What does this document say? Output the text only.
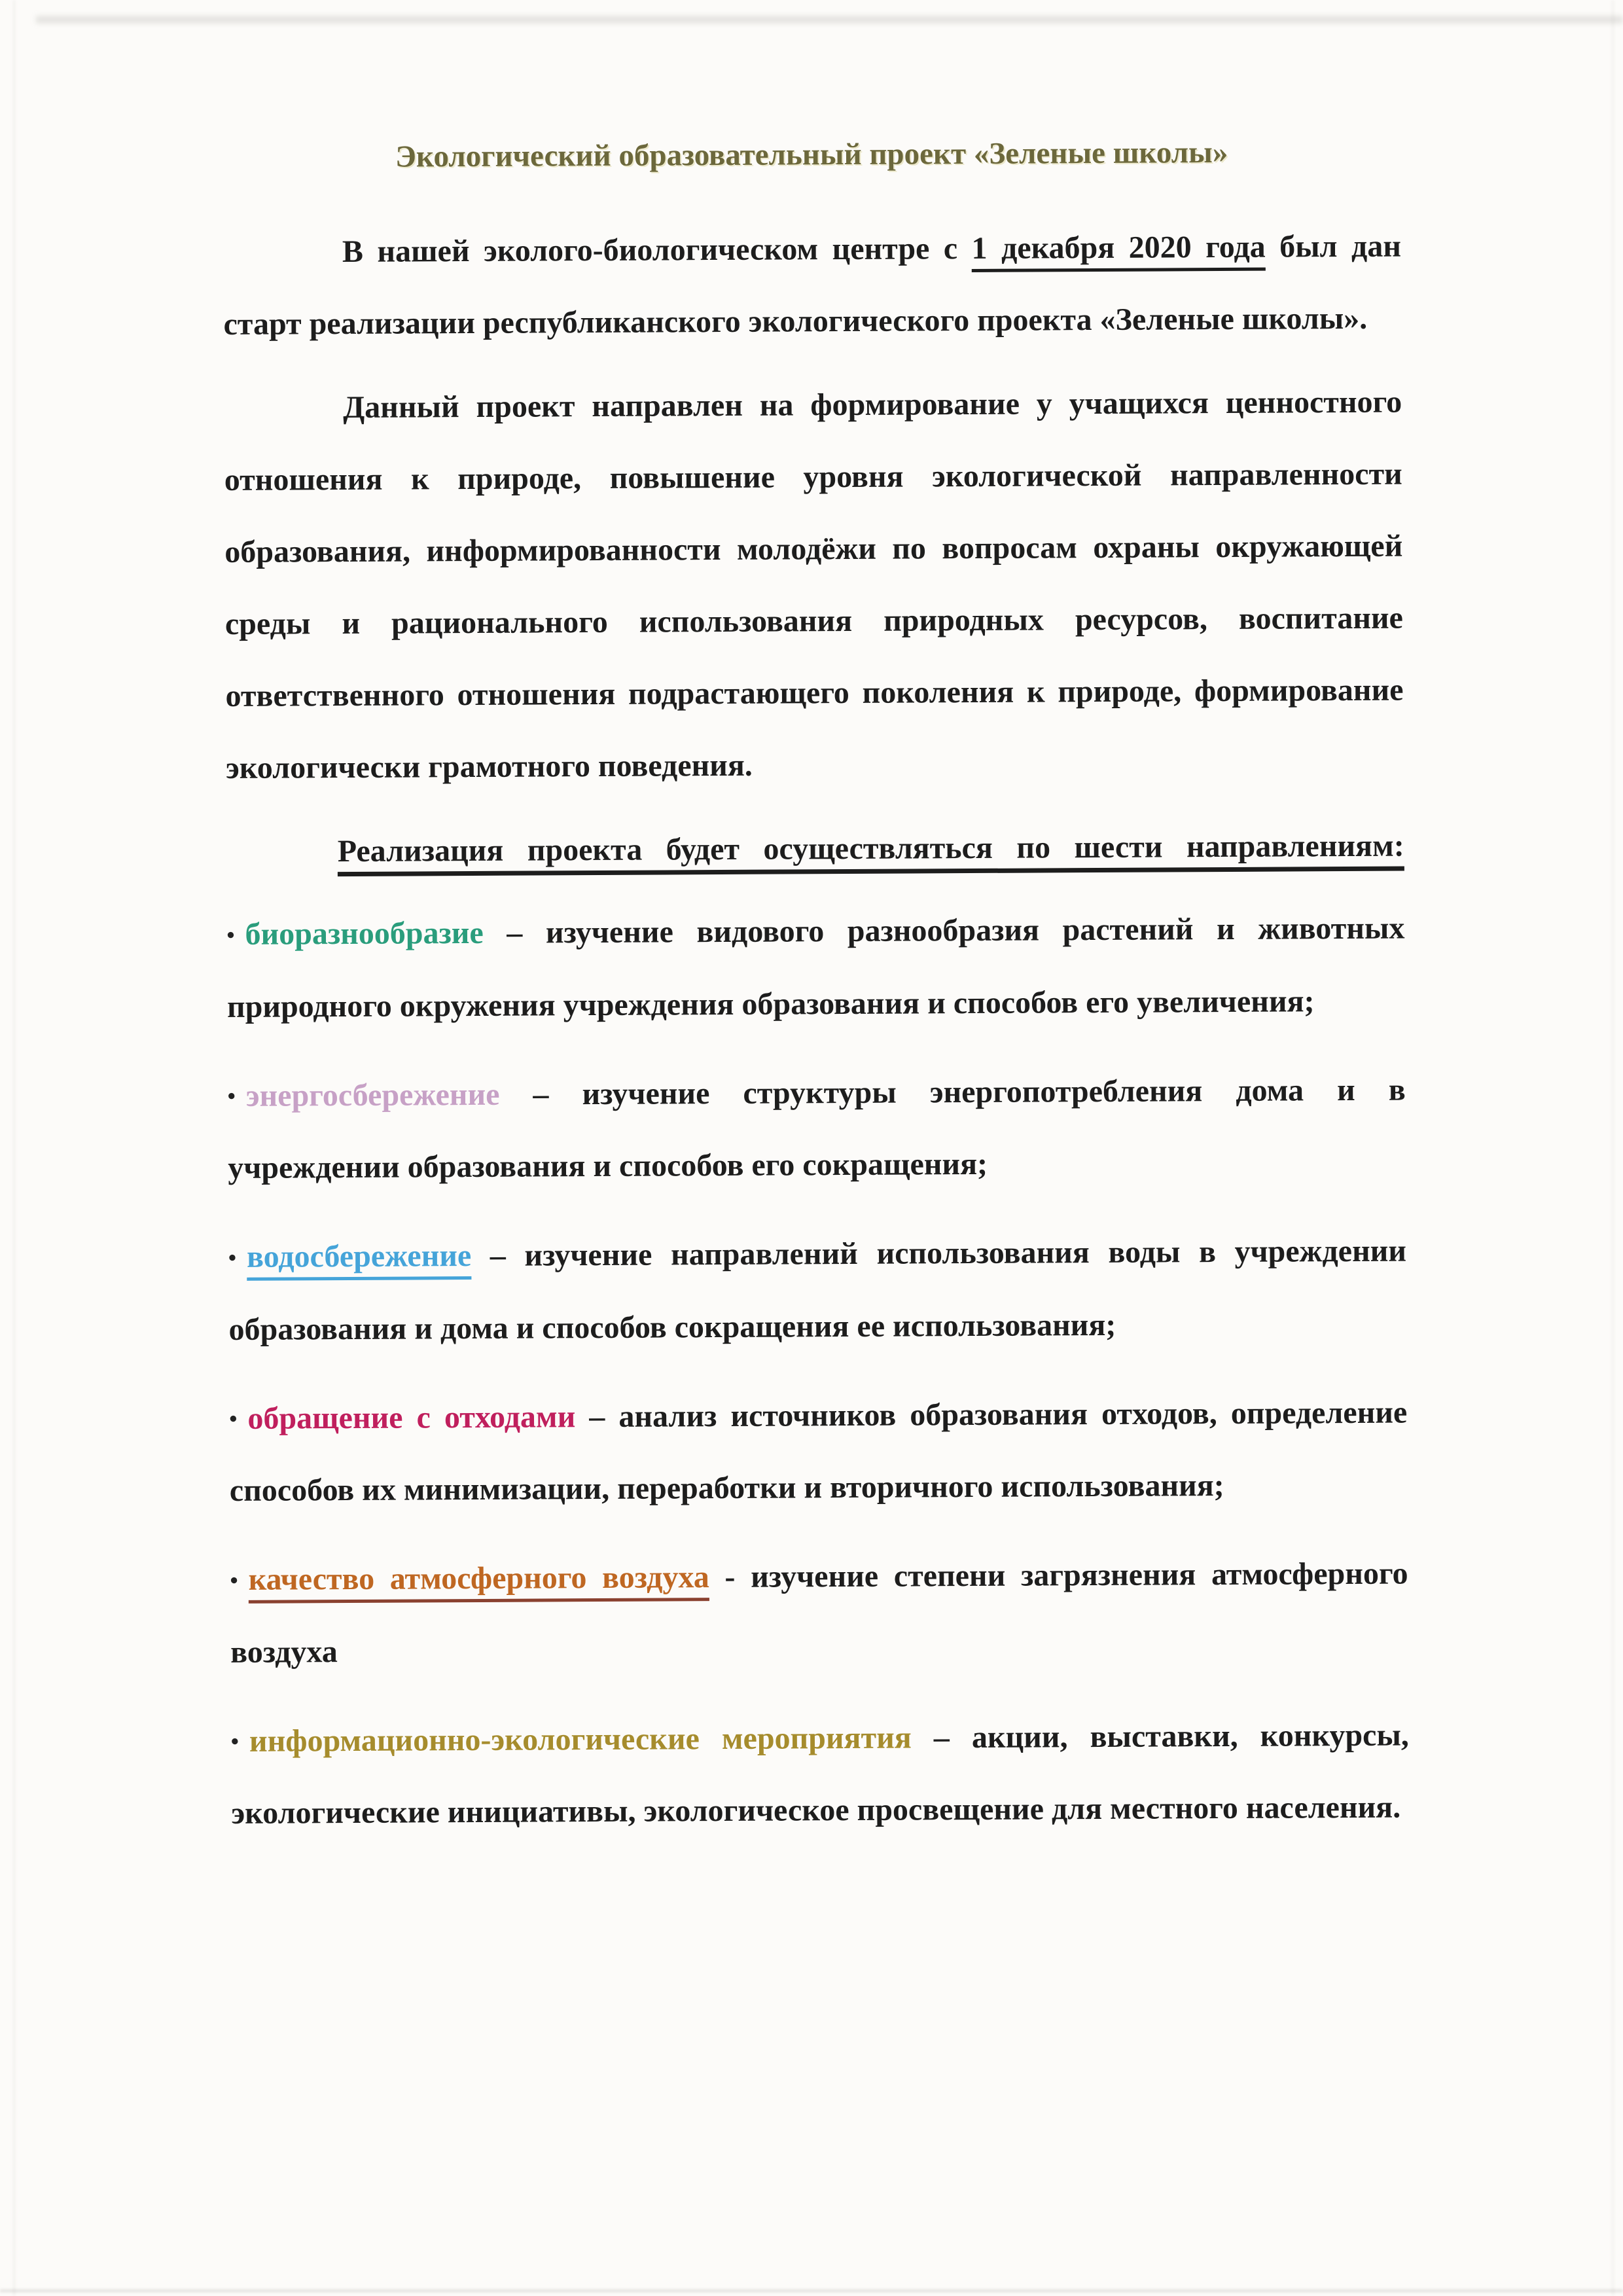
Экологический образовательный проект «Зеленые школы»

В нашей эколого-биологическом центре с 1 декабря 2020 года был дан старт реализации республиканского экологического проекта «Зеленые школы».

Данный проект направлен на формирование у учащихся ценностного отношения к природе, повышение уровня экологической направленности образования, информированности молодёжи по вопросам охраны окружающей среды и рационального использования природных ресурсов, воспитание ответственного отношения подрастающего поколения к природе, формирование экологически грамотного поведения.

Реализация проекта будет осуществляться по шести направлениям:

• биоразнообразие – изучение видового разнообразия растений и животных природного окружения учреждения образования и способов его увеличения;
• энергосбережение – изучение структуры энергопотребления дома и в учреждении образования и способов его сокращения;
• водосбережение – изучение направлений использования воды в учреждении образования и дома и способов сокращения ее использования;
• обращение с отходами – анализ источников образования отходов, определение способов их минимизации, переработки и вторичного использования;
• качество атмосферного воздуха - изучение степени загрязнения атмосферного воздуха
• информационно-экологические мероприятия – акции, выставки, конкурсы, экологические инициативы, экологическое просвещение для местного населения.
